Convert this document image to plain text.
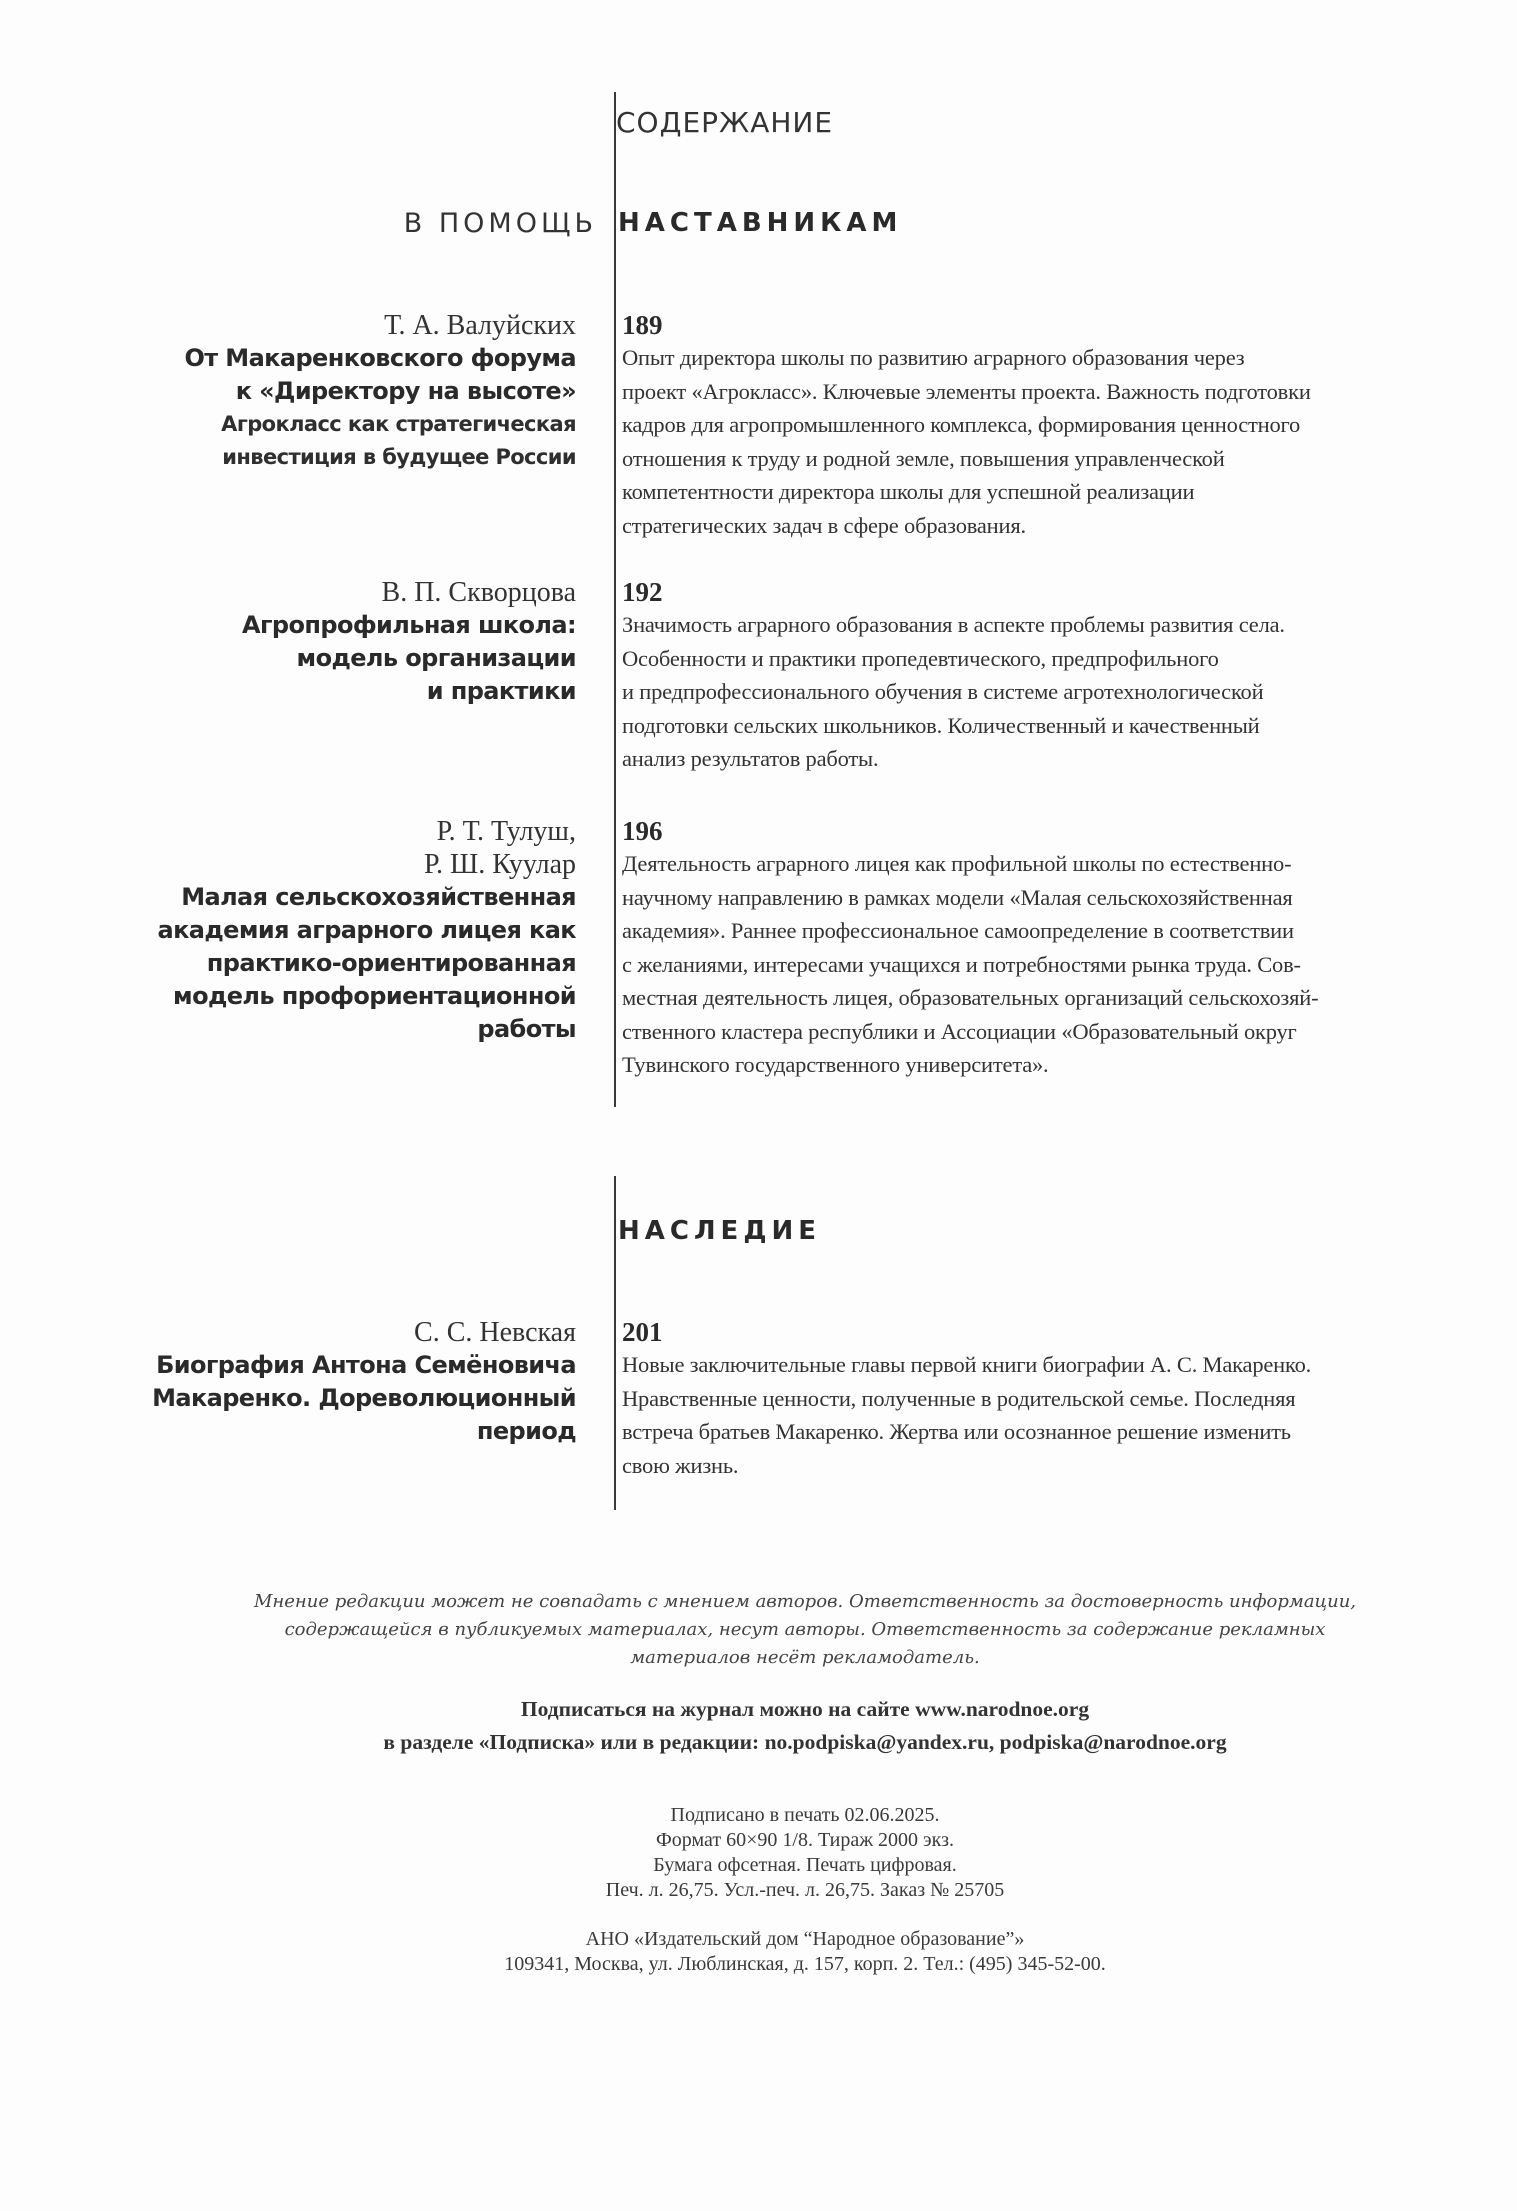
СОДЕРЖАНИЕ
В ПОМОЩЬ НАСТАВНИКАМ
Т. А. Валуйских
От Макаренковского форума
к «Директору на высоте»
Агрокласс как стратегическая
инвестиция в будущее России
189
Опыт директора школы по развитию аграрного образования через
проект «Агрокласс». Ключевые элементы проекта. Важность подготовки
кадров для агропромышленного комплекса, формирования ценностного
отношения к труду и родной земле, повышения управленческой
компетентности директора школы для успешной реализации
стратегических задач в сфере образования.
В. П. Скворцова
Агропрофильная школа:
модель организации
и практики
192
Значимость аграрного образования в аспекте проблемы развития села.
Особенности и практики пропедевтического, предпрофильного
и предпрофессионального обучения в системе агротехнологической
подготовки сельских школьников. Количественный и качественный
анализ результатов работы.
Р. Т. Тулуш,
Р. Ш. Куулар
Малая сельскохозяйственная
академия аграрного лицея как
практико-ориентированная
модель профориентационной
работы
196
Деятельность аграрного лицея как профильной школы по естественно-
научному направлению в рамках модели «Малая сельскохозяйственная
академия». Раннее профессиональное самоопределение в соответствии
с желаниями, интересами учащихся и потребностями рынка труда. Сов-
местная деятельность лицея, образовательных организаций сельскохозяй-
ственного кластера республики и Ассоциации «Образовательный округ
Тувинского государственного университета».
НАСЛЕДИЕ
С. С. Невская
Биография Антона Семёновича
Макаренко. Дореволюционный
период
201
Новые заключительные главы первой книги биографии А. С. Макаренко.
Нравственные ценности, полученные в родительской семье. Последняя
встреча братьев Макаренко. Жертва или осознанное решение изменить
свою жизнь.
Мнение редакции может не совпадать с мнением авторов. Ответственность за достоверность информации,
содержащейся в публикуемых материалах, несут авторы. Ответственность за содержание рекламных
материалов несёт рекламодатель.
Подписаться на журнал можно на сайте www.narodnoe.org
в разделе «Подписка» или в редакции: no.podpiska@yandex.ru, podpiska@narodnoe.org
Подписано в печать 02.06.2025.
Формат 60×90 1/8. Тираж 2000 экз.
Бумага офсетная. Печать цифровая.
Печ. л. 26,75. Усл.-печ. л. 26,75. Заказ № 25705
АНО «Издательский дом “Народное образование”»
109341, Москва, ул. Люблинская, д. 157, корп. 2. Тел.: (495) 345-52-00.
